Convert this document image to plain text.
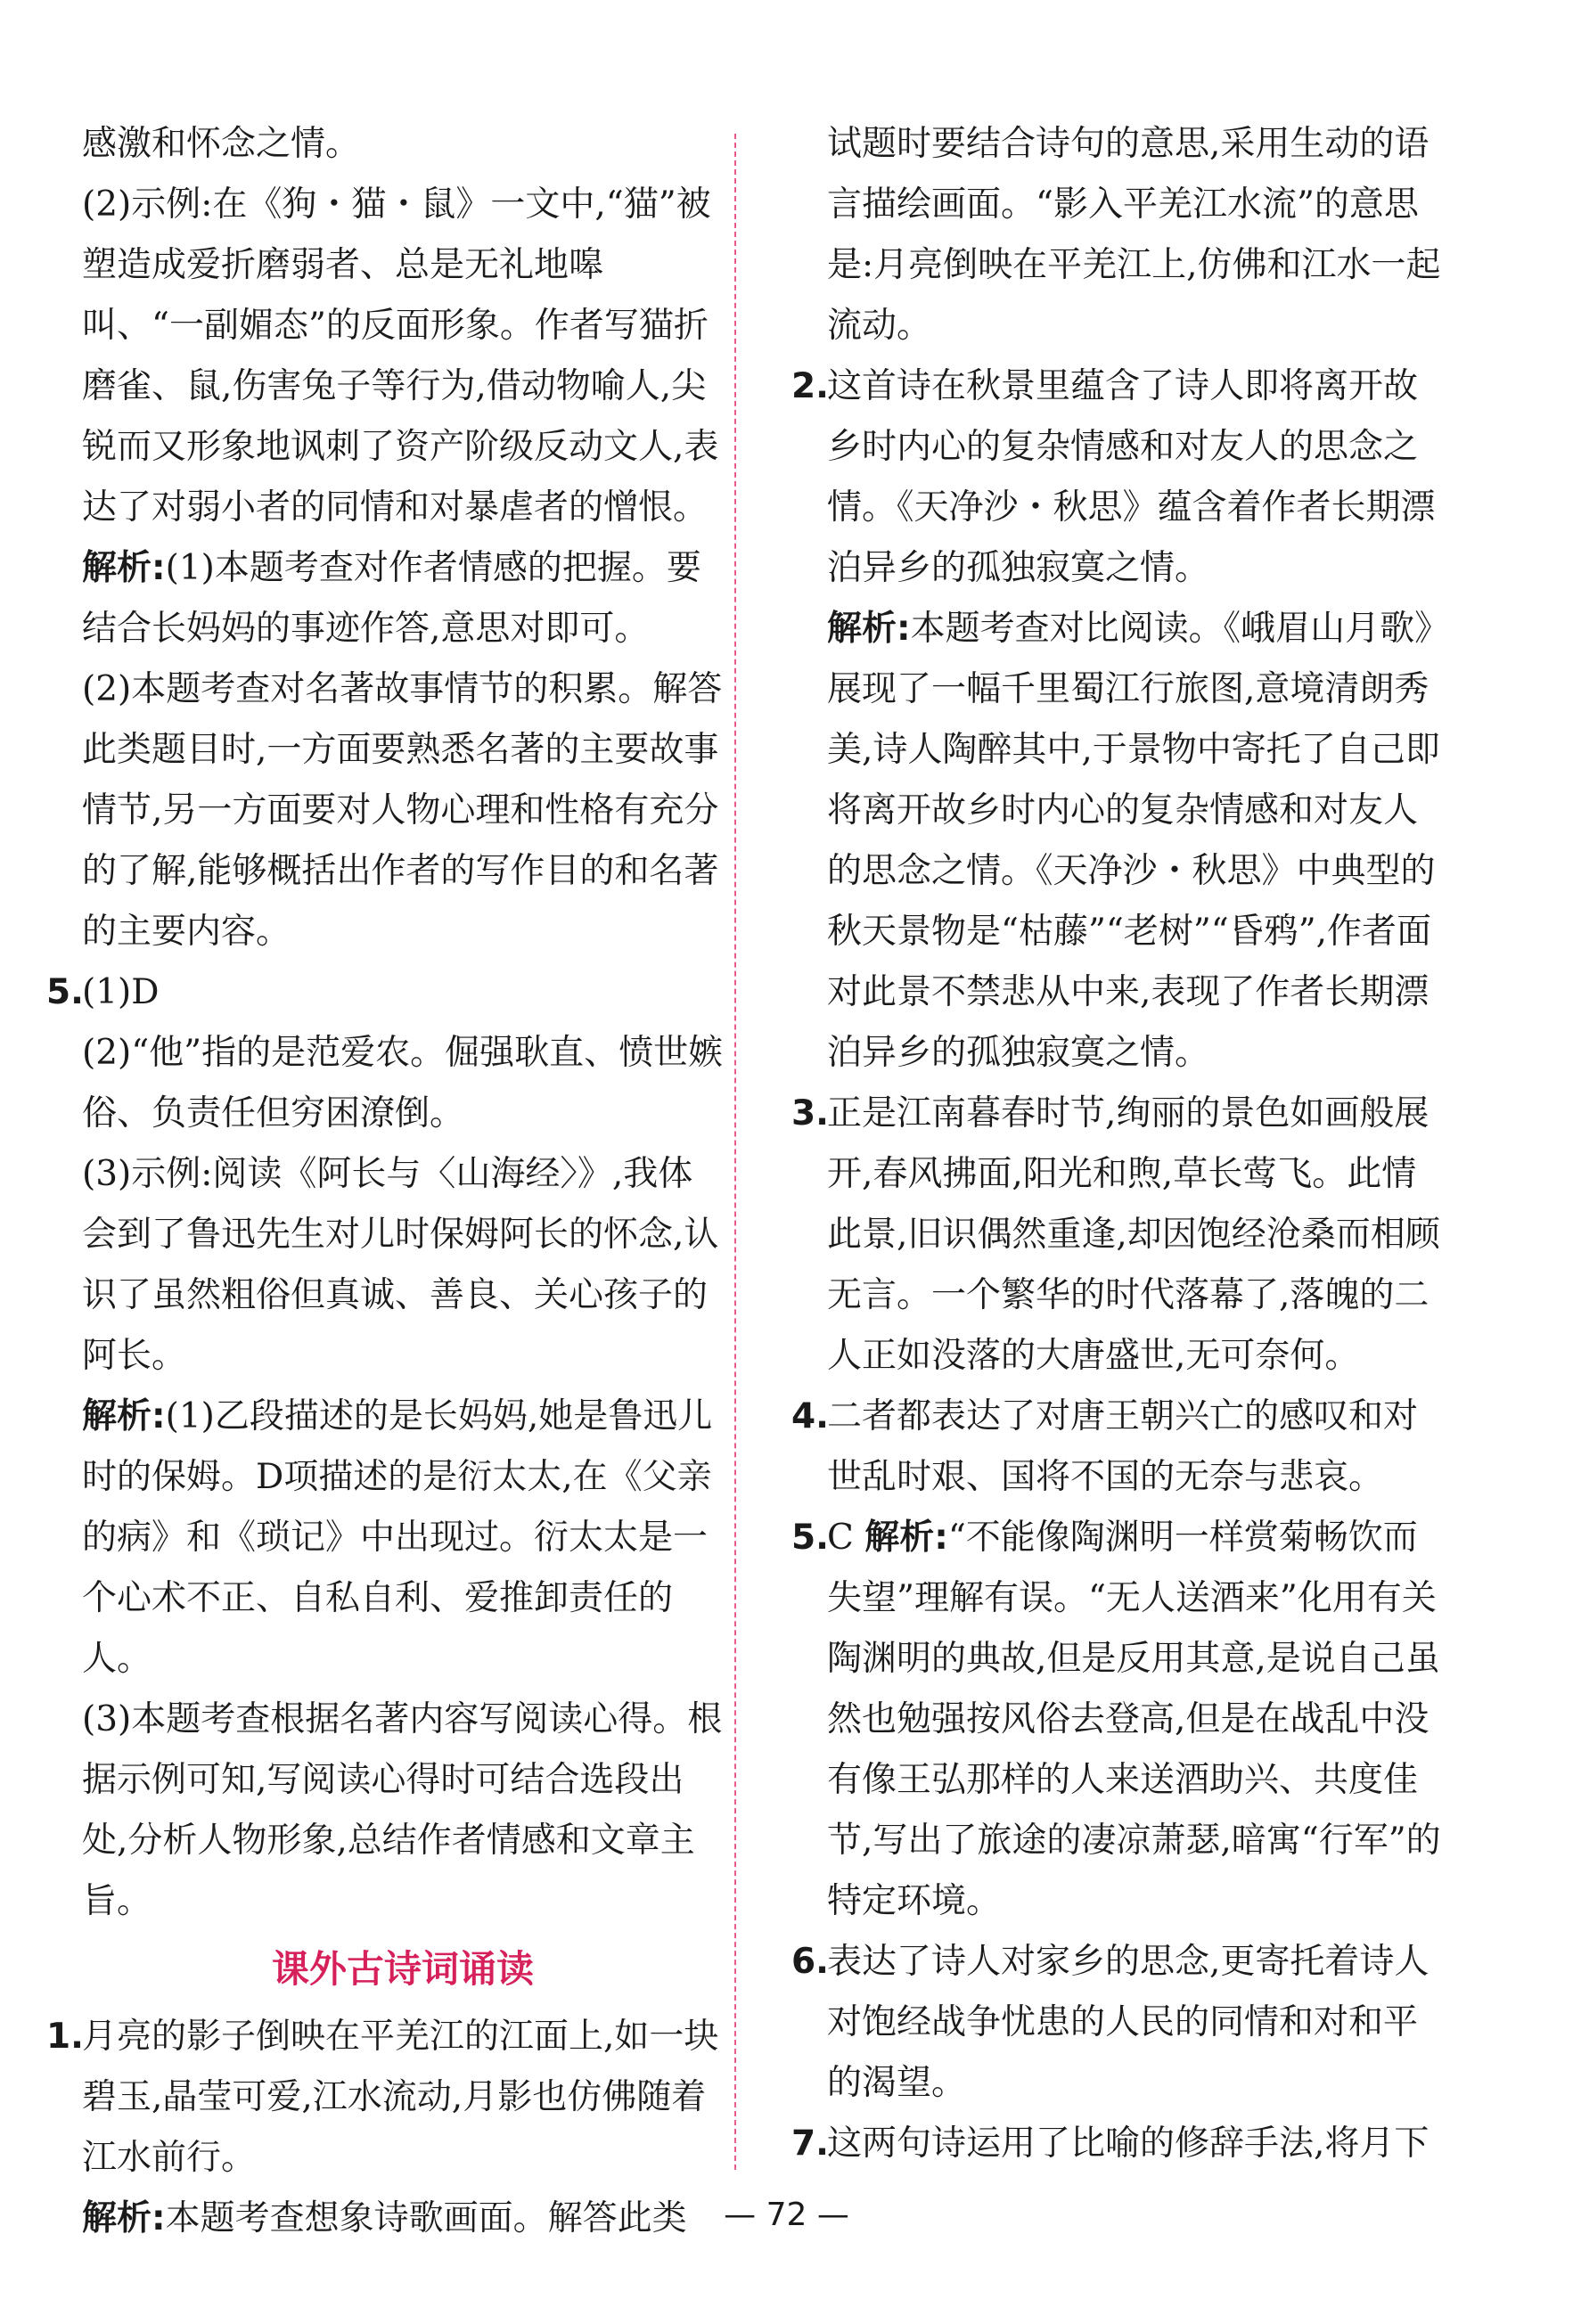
感激和怀念之情。
(2)示例:在《狗・猫・鼠》一文中,“猫”被塑造成爱折磨弱者、总是无礼地嗥叫、“一副媚态”的反面形象。作者写猫折磨雀、鼠,伤害兔子等行为,借动物喻人,尖锐而又形象地讽刺了资产阶级反动文人,表达了对弱小者的同情和对暴虐者的憎恨。
解析:(1)本题考查对作者情感的把握。要结合长妈妈的事迹作答,意思对即可。
(2)本题考查对名著故事情节的积累。解答此类题目时,一方面要熟悉名著的主要故事情节,另一方面要对人物心理和性格有充分的了解,能够概括出作者的写作目的和名著的主要内容。
5.
(1)D
(2)“他”指的是范爱农。倔强耿直、愤世嫉俗、负责任但穷困潦倒。
(3)示例:阅读《阿长与〈山海经〉》,我体会到了鲁迅先生对儿时保姆阿长的怀念,认识了虽然粗俗但真诚、善良、关心孩子的阿长。
解析:(1)乙段描述的是长妈妈,她是鲁迅儿时的保姆。D项描述的是衍太太,在《父亲的病》和《琐记》中出现过。衍太太是一个心术不正、自私自利、爱推卸责任的人。
(3)本题考查根据名著内容写阅读心得。根据示例可知,写阅读心得时可结合选段出处,分析人物形象,总结作者情感和文章主旨。
课外古诗词诵读
1.
月亮的影子倒映在平羌江的江面上,如一块碧玉,晶莹可爱,江水流动,月影也仿佛随着江水前行。
解析:本题考查想象诗歌画面。解答此类
试题时要结合诗句的意思,采用生动的语言描绘画面。“影入平羌江水流”的意思是:月亮倒映在平羌江上,仿佛和江水一起流动。
2.
这首诗在秋景里蕴含了诗人即将离开故乡时内心的复杂情感和对友人的思念之情。《天净沙・秋思》蕴含着作者长期漂泊异乡的孤独寂寞之情。
解析:本题考查对比阅读。《峨眉山月歌》展现了一幅千里蜀江行旅图,意境清朗秀美,诗人陶醉其中,于景物中寄托了自己即将离开故乡时内心的复杂情感和对友人的思念之情。《天净沙・秋思》中典型的秋天景物是“枯藤”“老树”“昏鸦”,作者面对此景不禁悲从中来,表现了作者长期漂泊异乡的孤独寂寞之情。
3.
正是江南暮春时节,绚丽的景色如画般展开,春风拂面,阳光和煦,草长莺飞。此情此景,旧识偶然重逢,却因饱经沧桑而相顾无言。一个繁华的时代落幕了,落魄的二人正如没落的大唐盛世,无可奈何。
4.
二者都表达了对唐王朝兴亡的感叹和对世乱时艰、国将不国的无奈与悲哀。
5.
C 解析:“不能像陶渊明一样赏菊畅饮而失望”理解有误。“无人送酒来”化用有关陶渊明的典故,但是反用其意,是说自己虽然也勉强按风俗去登高,但是在战乱中没有像王弘那样的人来送酒助兴、共度佳节,写出了旅途的凄凉萧瑟,暗寓“行军”的特定环境。
6.
表达了诗人对家乡的思念,更寄托着诗人对饱经战争忧患的人民的同情和对和平的渴望。
7.
这两句诗运用了比喻的修辞手法,将月下
— 72 —
